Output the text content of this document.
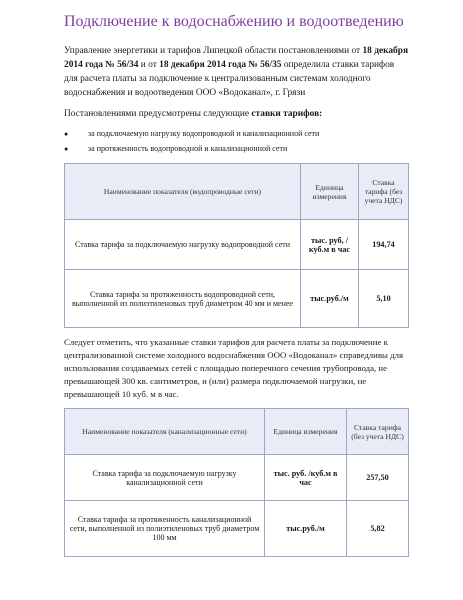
Подключение к водоснабжению и водоотведению
Управление энергетики и тарифов Липецкой области постановлениями от 18 декабря 2014 года № 56/34 и от 18 декабря 2014 года № 56/35 определила ставки тарифов для расчета платы за подключение к централизованным системам холодного водоснабжения и водоотведения ООО «Водоканал», г. Грязи
Постановлениями предусмотрены следующие ставки тарифов:
●	за подключаемую нагрузку водопроводной и канализационной сети
●	за протяженность водопроводной и канализационной сети
Наименование показателя (водопроводные сети)	Единица измерения	Ставка тарифа (без учета НДС)
Ставка тарифа за подключаемую нагрузку водопроводной сети	тыс. руб, /куб.м в час	194,74
Ставка тарифа за протяженность водопроводной сети, выполненной из полиэтиленовых труб диаметром 40 мм и менее	тыс.руб./м	5,10
Следует отметить, что указанные ставки тарифов для расчета платы за подключение к централизованной системе холодного водоснабжения ООО «Водоканал» справедливы для использования создаваемых сетей с площадью поперечного сечения трубопровода, не превышающей 300 кв. сантиметров, и (или) размера подключаемой нагрузки, не превышающей 10 куб. м в час.
Наименование показателя (канализационные сети)	Единица измерения	Ставка тарифа (без учета НДС)
Ставка тарифа за подключаемую нагрузку канализационной сети	тыс. руб. /куб.м в час	257,50
Ставка тарифа за протяженность канализационной сети, выполненной из полиэтиленовых труб диаметром 100 мм	тыс.руб./м	5,82
